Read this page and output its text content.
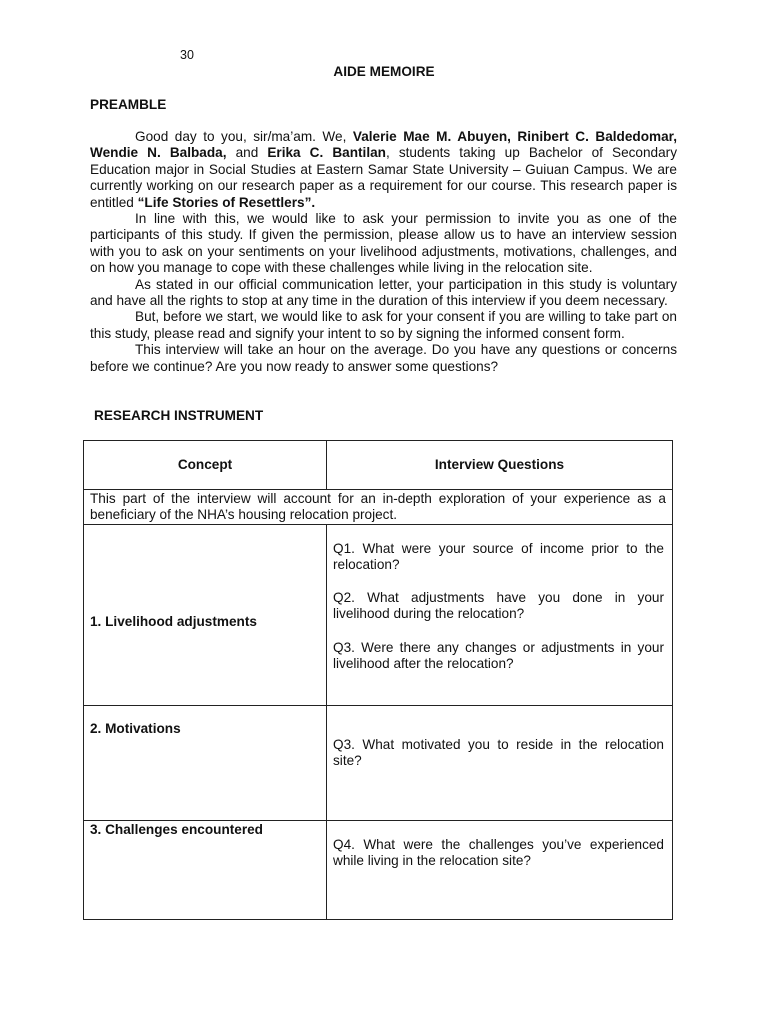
30
AIDE MEMOIRE
PREAMBLE

Good day to you, sir/ma’am. We, Valerie Mae M. Abuyen, Rinibert C. Baldedomar, Wendie N. Balbada, and Erika C. Bantilan, students taking up Bachelor of Secondary Education major in Social Studies at Eastern Samar State University – Guiuan Campus. We are currently working on our research paper as a requirement for our course. This research paper is entitled “Life Stories of Resettlers”.

In line with this, we would like to ask your permission to invite you as one of the participants of this study. If given the permission, please allow us to have an interview session with you to ask on your sentiments on your livelihood adjustments, motivations, challenges, and on how you manage to cope with these challenges while living in the relocation site.

As stated in our official communication letter, your participation in this study is voluntary and have all the rights to stop at any time in the duration of this interview if you deem necessary.

But, before we start, we would like to ask for your consent if you are willing to take part on this study, please read and signify your intent to so by signing the informed consent form.

This interview will take an hour on the average. Do you have any questions or concerns before we continue? Are you now ready to answer some questions?

RESEARCH INSTRUMENT
Concept	Interview Questions
This part of the interview will account for an in-depth exploration of your experience as a beneficiary of the NHA’s housing relocation project.	

1. Livelihood adjustments	Q1. What were your source of income prior to the relocation?

Q2. What adjustments have you done in your livelihood during the relocation?

Q3. Were there any changes or adjustments in your livelihood after the relocation?

2. Motivations	Q3. What motivated you to reside in the relocation site?

3. Challenges encountered	Q4. What were the challenges you’ve experienced while living in the relocation site?
